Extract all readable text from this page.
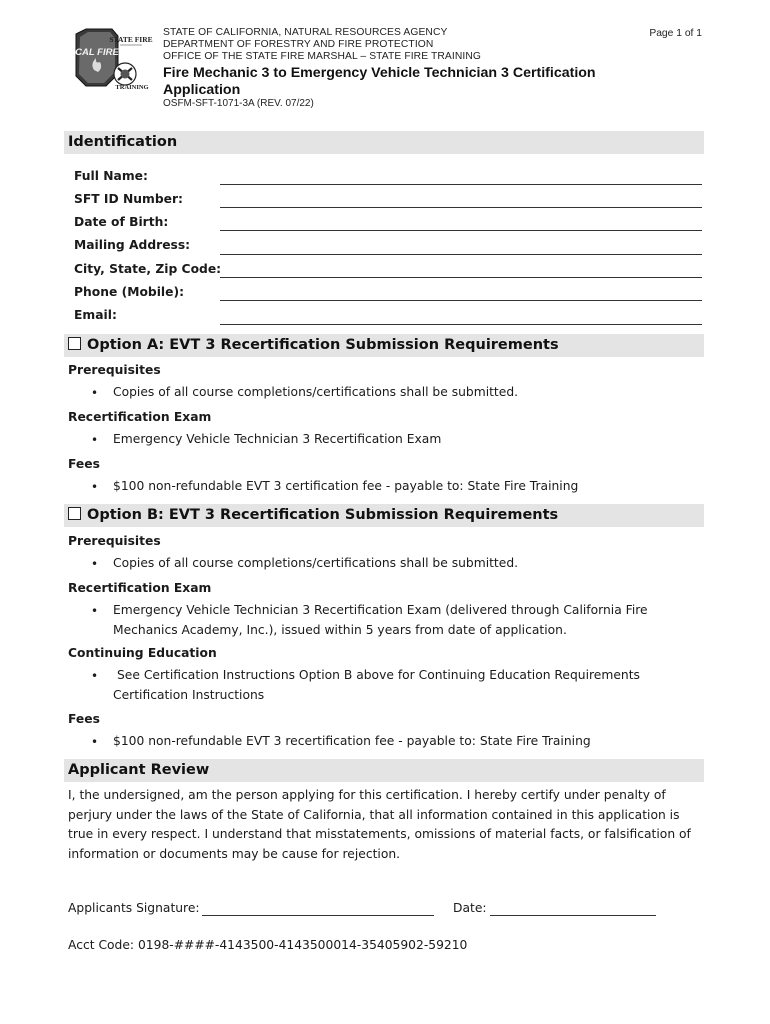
CAL FIRE
STATE FIRE
TRAINING
STATE OF CALIFORNIA, NATURAL RESOURCES AGENCY
DEPARTMENT OF FORESTRY AND FIRE PROTECTION
OFFICE OF THE STATE FIRE MARSHAL – STATE FIRE TRAINING
Page 1 of 1
Fire Mechanic 3 to Emergency Vehicle Technician 3 Certification Application
OSFM-SFT-1071-3A (REV. 07/22)
Identification
Full Name:
SFT ID Number:
Date of Birth:
Mailing Address:
City, State, Zip Code:
Phone (Mobile):
Email:
Option A: EVT 3 Recertification Submission Requirements
Prerequisites
• Copies of all course completions/certifications shall be submitted.
Recertification Exam
• Emergency Vehicle Technician 3 Recertification Exam
Fees
• $100 non-refundable EVT 3 certification fee - payable to: State Fire Training
Option B: EVT 3 Recertification Submission Requirements
Prerequisites
• Copies of all course completions/certifications shall be submitted.
Recertification Exam
• Emergency Vehicle Technician 3 Recertification Exam (delivered through California Fire Mechanics Academy, Inc.), issued within 5 years from date of application.
Continuing Education
•	See Certification Instructions Option B above for Continuing Education Requirements Certification Instructions
Fees
• $100 non-refundable EVT 3 recertification fee - payable to: State Fire Training
Applicant Review
I, the undersigned, am the person applying for this certification. I hereby certify under penalty of perjury under the laws of the State of California, that all information contained in this application is true in every respect. I understand that misstatements, omissions of material facts, or falsification of information or documents may be cause for rejection.
Applicants Signature:	Date:
Acct Code: 0198-####-4143500-4143500014-35405902-59210
